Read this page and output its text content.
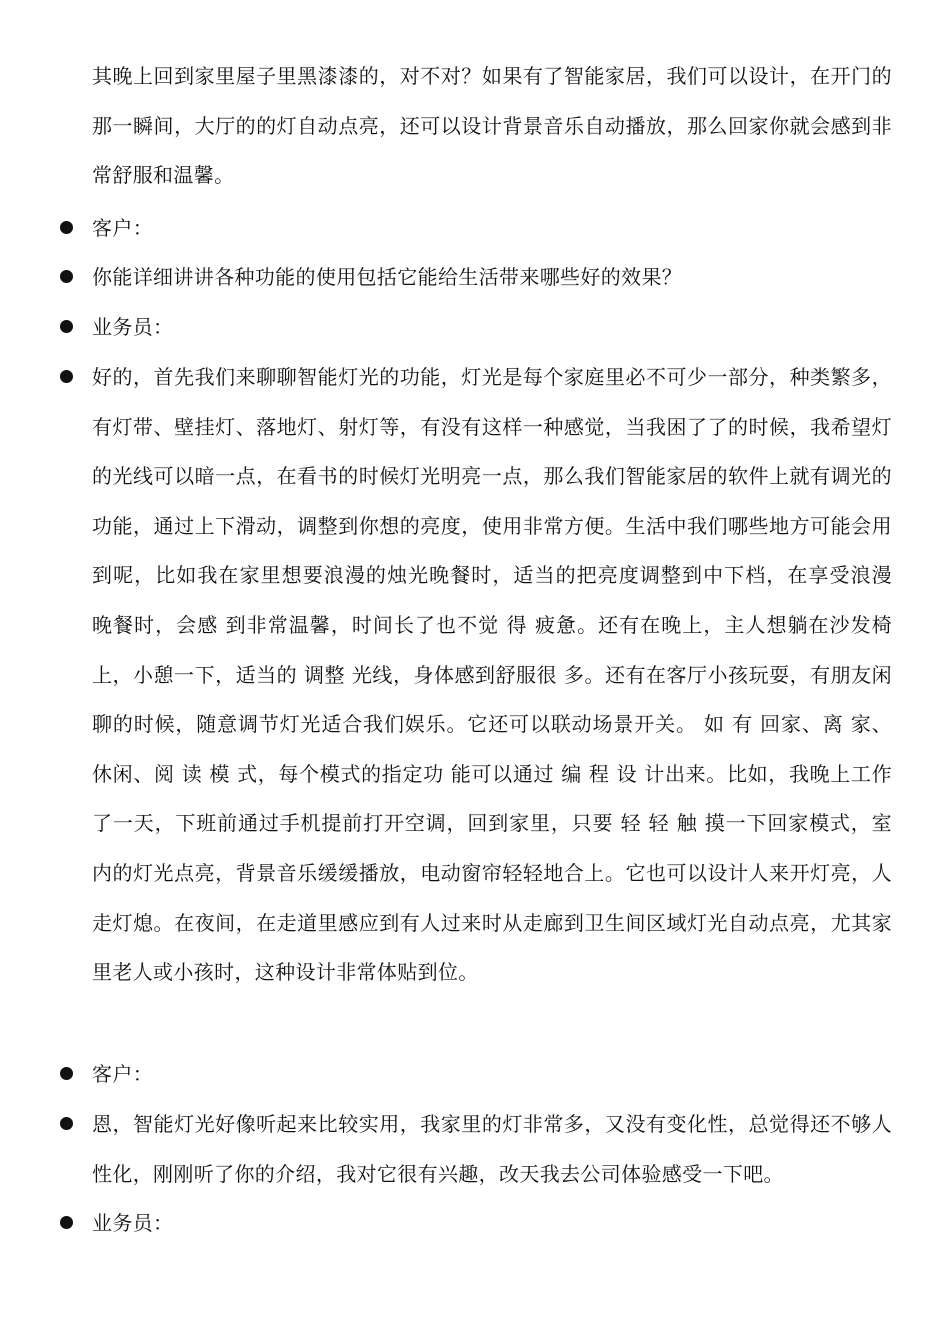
其晚上回到家里屋子里黑漆漆的，对不对？如果有了智能家居，我们可以设计，在开门的那一瞬间，大厅的的灯自动点亮，还可以设计背景音乐自动播放，那么回家你就会感到非常舒服和温馨。

客户：

你能详细讲讲各种功能的使用包括它能给生活带来哪些好的效果？

业务员：

好的，首先我们来聊聊智能灯光的功能，灯光是每个家庭里必不可少一部分，种类繁多，有灯带、壁挂灯、落地灯、射灯等，有没有这样一种感觉，当我困了了的时候，我希望灯的光线可以暗一点，在看书的时候灯光明亮一点，那么我们智能家居的软件上就有调光的功能，通过上下滑动，调整到你想的亮度，使用非常方便。生活中我们哪些地方可能会用到呢，比如我在家里想要浪漫的烛光晚餐时，适当的把亮度调整到中下档，在享受浪漫 晚餐时，会感 到非常温馨，时间长了也不觉 得 疲惫。还有在晚上，主人想躺在沙发椅上，小憩一下，适当的 调整 光线，身体感到舒服很 多。还有在客厅小孩玩耍，有朋友闲聊的时候，随意调节灯光适合我们娱乐。它还可以联动场景开关。 如 有 回家、离 家、休闲、阅 读 模 式，每个模式的指定功 能可以通过 编 程 设 计出来。比如，我晚上工作了一天，下班前通过手机提前打开空调，回到家里，只要 轻 轻 触 摸一下回家模式，室内的灯光点亮，背景音乐缓缓播放，电动窗帘轻轻地合上。它也可以设计人来开灯亮，人走灯熄。在夜间，在走道里感应到有人过来时从走廊到卫生间区域灯光自动点亮，尤其家里老人或小孩时，这种设计非常体贴到位。

客户：

恩，智能灯光好像听起来比较实用，我家里的灯非常多，又没有变化性，总觉得还不够人性化，刚刚听了你的介绍，我对它很有兴趣，改天我去公司体验感受一下吧。

业务员：
